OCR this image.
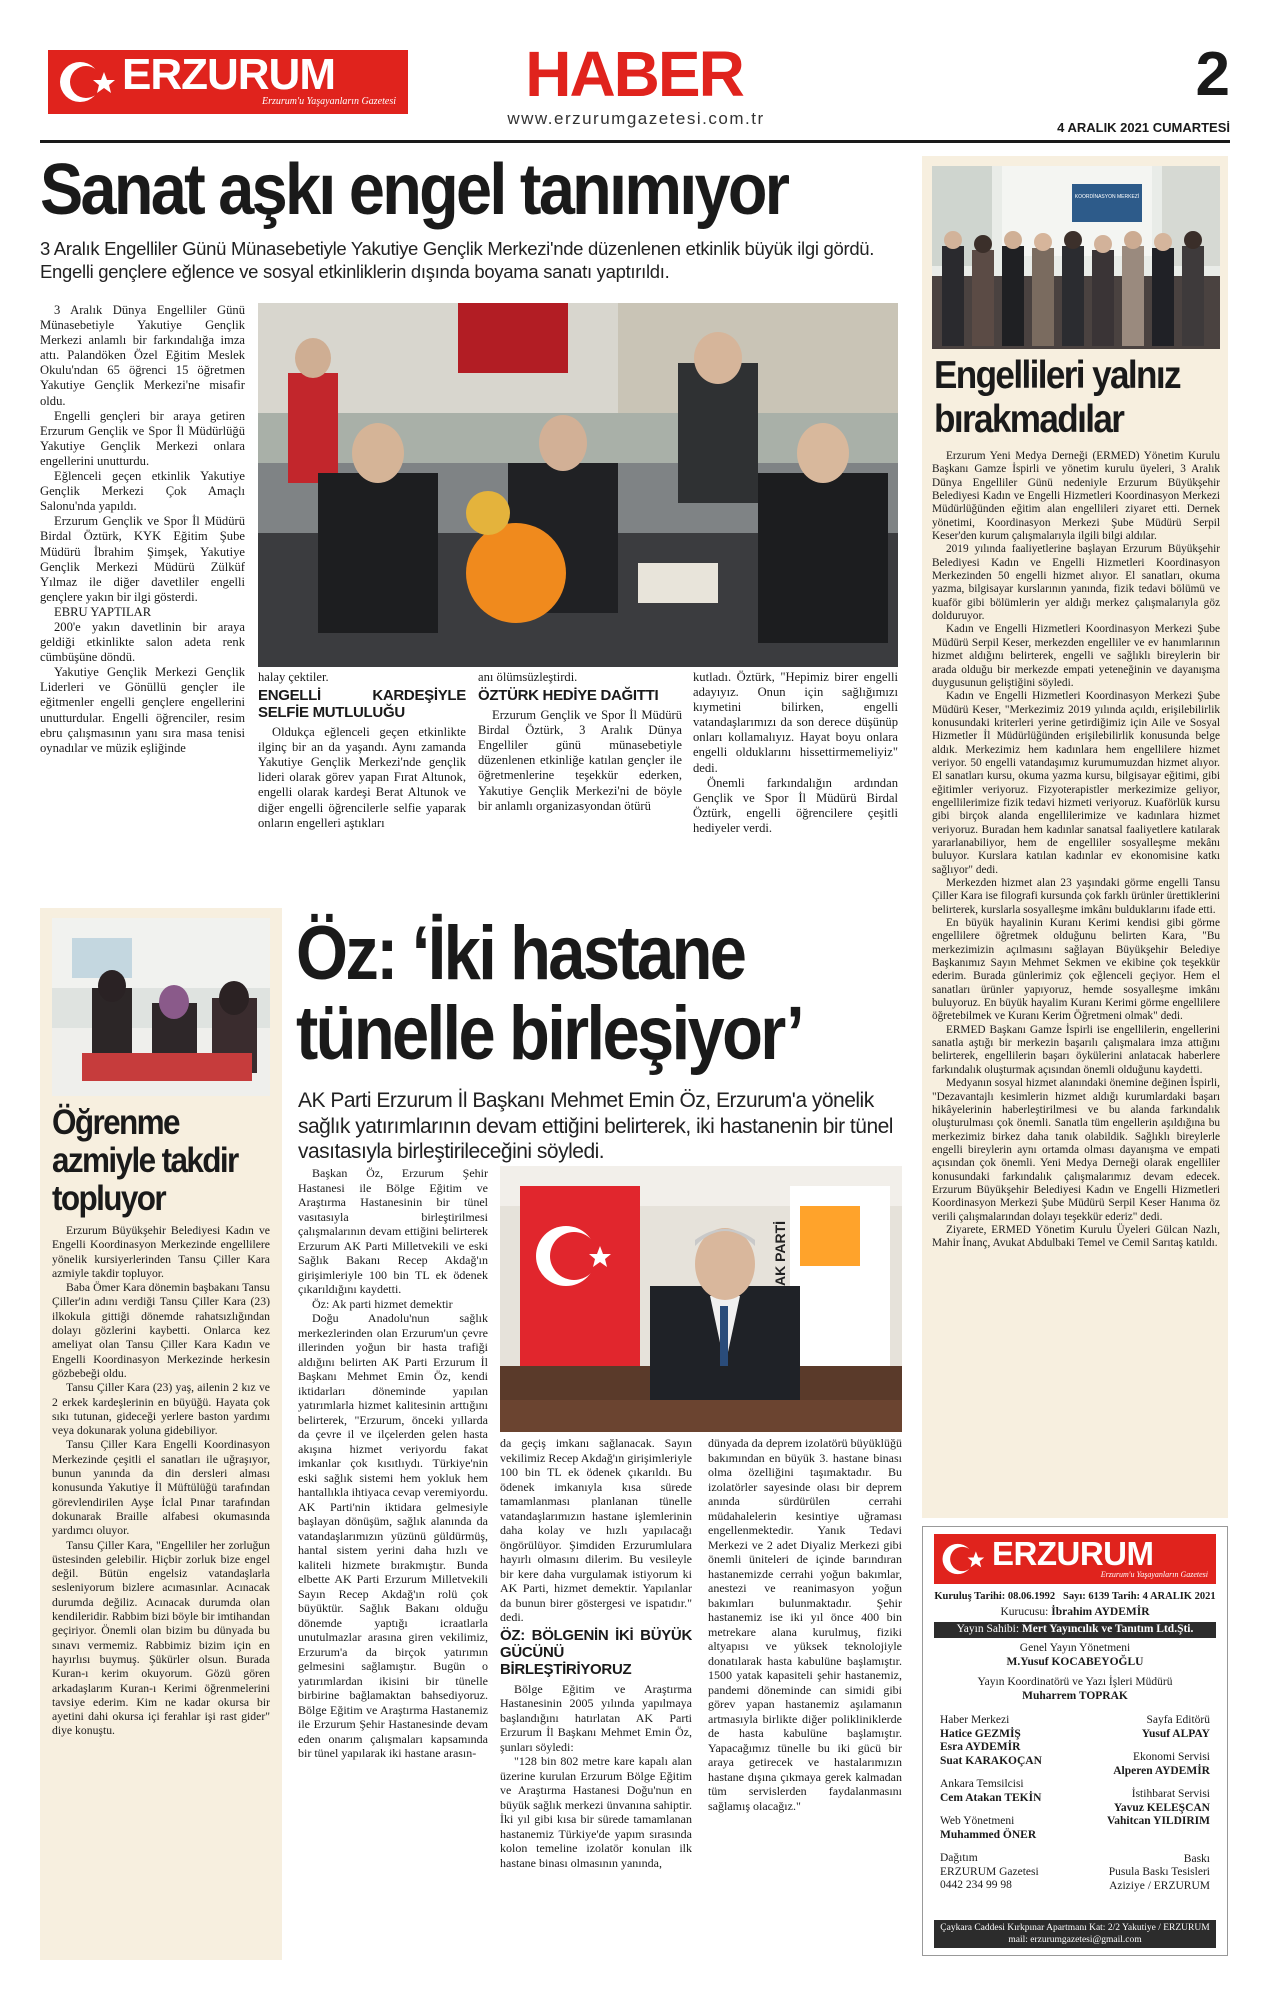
ERZURUM
Erzurum'u Yaşayanların Gazetesi	HABER
www.erzurumgazetesi.com.tr
2
4 ARALIK 2021 CUMARTESİ
Sanat aşkı engel tanımıyor
3 Aralık Engelliler Günü Münasebetiyle Yakutiye Gençlik Merkezi'nde düzenlenen etkinlik büyük ilgi gördü. Engelli gençlere eğlence ve sosyal etkinliklerin dışında boyama sanatı yaptırıldı.

3 Aralık Dünya Engelliler Günü Münasebetiyle Yakutiye Gençlik Merkezi anlamlı bir farkındalığa imza attı. Palandöken Özel Eğitim Meslek Okulu'ndan 65 öğrenci 15 öğretmen Yakutiye Gençlik Merkezi'ne misafir oldu.

Engelli gençleri bir araya getiren Erzurum Gençlik ve Spor İl Müdürlüğü Yakutiye Gençlik Merkezi onlara engellerini unutturdu.

Eğlenceli geçen etkinlik Yakutiye Gençlik Merkezi Çok Amaçlı Salonu'nda yapıldı.

Erzurum Gençlik ve Spor İl Müdürü Birdal Öztürk, KYK Eğitim Şube Müdürü İbrahim Şimşek, Yakutiye Gençlik Merkezi Müdürü Zülküf Yılmaz ile diğer davetliler engelli gençlere yakın bir ilgi gösterdi.

EBRU YAPTILAR

200'e yakın davetlinin bir araya geldiği etkinlikte salon adeta renk cümbüşüne döndü.

Yakutiye Gençlik Merkezi Gençlik Liderleri ve Gönüllü gençler ile eğitmenler engelli gençlere engellerini unutturdular. Engelli öğrenciler, resim ebru çalışmasının yanı sıra masa tenisi oynadılar ve müzik eşliğinde

halay çektiler.

ENGELLİ KARDEŞİYLE SELFİE MUTLULUĞU

Oldukça eğlenceli geçen etkinlikte ilginç bir an da yaşandı. Aynı zamanda Yakutiye Gençlik Merkezi'nde gençlik lideri olarak görev yapan Fırat Altunok, engelli olarak kardeşi Berat Altunok ve diğer engelli öğrencilerle selfie yaparak onların engelleri aştıkları

anı ölümsüzleştirdi.

ÖZTÜRK HEDİYE DAĞITTI

Erzurum Gençlik ve Spor İl Müdürü Birdal Öztürk, 3 Aralık Dünya Engelliler günü münasebetiyle düzenlenen etkinliğe katılan gençler ile öğretmenlerine teşekkür ederken, Yakutiye Gençlik Merkezi'ni de böyle bir anlamlı organizasyondan ötürü

kutladı. Öztürk, "Hepimiz birer engelli adayıyız. Onun için sağlığımızı kıymetini bilirken, engelli vatandaşlarımızı da son derece düşünüp onları kollamalıyız. Hayat boyu onlara engelli olduklarını hissettirmemeliyiz" dedi.

Önemli farkındalığın ardından Gençlik ve Spor İl Müdürü Birdal Öztürk, engelli öğrencilere çeşitli hediyeler verdi.

KOORDİNASYON MERKEZİ
Engellileri yalnız
bırakmadılar

Erzurum Yeni Medya Derneği (ERMED) Yönetim Kurulu Başkanı Gamze İspirli ve yönetim kurulu üyeleri, 3 Aralık Dünya Engelliler Günü nedeniyle Erzurum Büyükşehir Belediyesi Kadın ve Engelli Hizmetleri Koordinasyon Merkezi Müdürlüğünden eğitim alan engellileri ziyaret etti. Dernek yönetimi, Koordinasyon Merkezi Şube Müdürü Serpil Keser'den kurum çalışmalarıyla ilgili bilgi aldılar.

2019 yılında faaliyetlerine başlayan Erzurum Büyükşehir Belediyesi Kadın ve Engelli Hizmetleri Koordinasyon Merkezinden 50 engelli hizmet alıyor. El sanatları, okuma yazma, bilgisayar kurslarının yanında, fizik tedavi bölümü ve kuaför gibi bölümlerin yer aldığı merkez çalışmalarıyla göz dolduruyor.

Kadın ve Engelli Hizmetleri Koordinasyon Merkezi Şube Müdürü Serpil Keser, merkezden engelliler ve ev hanımlarının hizmet aldığını belirterek, engelli ve sağlıklı bireylerin bir arada olduğu bir merkezde empati yeteneğinin ve dayanışma duygusunun geliştiğini söyledi.

Kadın ve Engelli Hizmetleri Koordinasyon Merkezi Şube Müdürü Keser, "Merkezimiz 2019 yılında açıldı, erişilebilirlik konusundaki kriterleri yerine getirdiğimiz için Aile ve Sosyal Hizmetler İl Müdürlüğünden erişilebilirlik konusunda belge aldık. Merkezimiz hem kadınlara hem engellilere hizmet veriyor. 50 engelli vatandaşımız kurumumuzdan hizmet alıyor. El sanatları kursu, okuma yazma kursu, bilgisayar eğitimi, gibi eğitimler veriyoruz. Fizyoterapistler merkezimize geliyor, engellilerimize fizik tedavi hizmeti veriyoruz. Kuaförlük kursu gibi birçok alanda engellilerimize ve kadınlara hizmet veriyoruz. Buradan hem kadınlar sanatsal faaliyetlere katılarak yararlanabiliyor, hem de engelliler sosyalleşme mekânı buluyor. Kurslara katılan kadınlar ev ekonomisine katkı sağlıyor" dedi.

Merkezden hizmet alan 23 yaşındaki görme engelli Tansu Çiller Kara ise filografi kursunda çok farklı ürünler ürettiklerini belirterek, kurslarla sosyalleşme imkânı bulduklarını ifade etti.

En büyük hayalinin Kuranı Kerimi kendisi gibi görme engellilere öğretmek olduğunu belirten Kara, "Bu merkezimizin açılmasını sağlayan Büyükşehir Belediye Başkanımız Sayın Mehmet Sekmen ve ekibine çok teşekkür ederim. Burada günlerimiz çok eğlenceli geçiyor. Hem el sanatları ürünler yapıyoruz, hemde sosyalleşme imkânı buluyoruz. En büyük hayalim Kuranı Kerimi görme engellilere öğretebilmek ve Kuranı Kerim Öğretmeni olmak" dedi.

ERMED Başkanı Gamze İspirli ise engellilerin, engellerini sanatla aştığı bir merkezin başarılı çalışmalara imza attığını belirterek, engellilerin başarı öykülerini anlatacak haberlere farkındalık oluşturmak açısından önemli olduğunu kaydetti.

Medyanın sosyal hizmet alanındaki önemine değinen İspirli, "Dezavantajlı kesimlerin hizmet aldığı kurumlardaki başarı hikâyelerinin haberleştirilmesi ve bu alanda farkındalık oluşturulması çok önemli. Sanatla tüm engellerin aşıldığına bu merkezimiz birkez daha tanık olabildik. Sağlıklı bireylerle engelli bireylerin aynı ortamda olması dayanışma ve empati açısından çok önemli. Yeni Medya Derneği olarak engelliler konusundaki farkındalık çalışmalarımız devam edecek. Erzurum Büyükşehir Belediyesi Kadın ve Engelli Hizmetleri Koordinasyon Merkezi Şube Müdürü Serpil Keser Hanıma öz verili çalışmalarından dolayı teşekkür ederiz" dedi.

Ziyarete, ERMED Yönetim Kurulu Üyeleri Gülcan Nazlı, Mahir İnanç, Avukat Abdulbaki Temel ve Cemil Sarıtaş katıldı.

Öğrenme
azmiyle takdir
topluyor

Erzurum Büyükşehir Belediyesi Kadın ve Engelli Koordinasyon Merkezinde engellilere yönelik kursiyerlerinden Tansu Çiller Kara azmiyle takdir topluyor.

Baba Ömer Kara dönemin başbakanı Tansu Çiller'in adını verdiği Tansu Çiller Kara (23) ilkokula gittiği dönemde rahatsızlığından dolayı gözlerini kaybetti. Onlarca kez ameliyat olan Tansu Çiller Kara Kadın ve Engelli Koordinasyon Merkezinde herkesin gözbebeği oldu.

Tansu Çiller Kara (23) yaş, ailenin 2 kız ve 2 erkek kardeşlerinin en büyüğü. Hayata çok sıkı tutunan, gideceği yerlere baston yardımı veya dokunarak yoluna gidebiliyor.

Tansu Çiller Kara Engelli Koordinasyon Merkezinde çeşitli el sanatları ile uğraşıyor, bunun yanında da din dersleri alması konusunda Yakutiye İl Müftülüğü tarafından görevlendirilen Ayşe İclal Pınar tarafından dokunarak Braille alfabesi okumasında yardımcı oluyor.

Tansu Çiller Kara, "Engelliler her zorluğun üstesinden gelebilir. Hiçbir zorluk bize engel değil. Bütün engelsiz vatandaşlarla sesleniyorum bizlere acımasınlar. Acınacak durumda değiliz. Acınacak durumda olan kendileridir. Rabbim bizi böyle bir imtihandan geçiriyor. Önemli olan bizim bu dünyada bu sınavı vermemiz. Rabbimiz bizim için en hayırlısı buymuş. Şükürler olsun. Burada Kuran-ı kerim okuyorum. Gözü gören arkadaşlarım Kuran-ı Kerimi öğrenmelerini tavsiye ederim. Kim ne kadar okursa bir ayetini dahi okursa içi ferahlar işi rast gider" diye konuştu.

Öz: ‘İki hastane
tünelle birleşiyor’
AK Parti Erzurum İl Başkanı Mehmet Emin Öz, Erzurum'a yönelik sağlık yatırımlarının devam ettiğini belirterek, iki hastanenin bir tünel vasıtasıyla birleştirileceğini söyledi.

Başkan Öz, Erzurum Şehir Hastanesi ile Bölge Eğitim ve Araştırma Hastanesinin bir tünel vasıtasıyla birleştirilmesi çalışmalarının devam ettiğini belirterek Erzurum AK Parti Milletvekili ve eski Sağlık Bakanı Recep Akdağ'ın girişimleriyle 100 bin TL ek ödenek çıkarıldığını kaydetti.

Öz: Ak parti hizmet demektir

Doğu Anadolu'nun sağlık merkezlerinden olan Erzurum'un çevre illerinden yoğun bir hasta trafiği aldığını belirten AK Parti Erzurum İl Başkanı Mehmet Emin Öz, kendi iktidarları döneminde yapılan yatırımlarla hizmet kalitesinin arttığını belirterek, "Erzurum, önceki yıllarda da çevre il ve ilçelerden gelen hasta akışına hizmet veriyordu fakat imkanlar çok kısıtlıydı. Türkiye'nin eski sağlık sistemi hem yokluk hem hantallıkla ihtiyaca cevap veremiyordu. AK Parti'nin iktidara gelmesiyle başlayan dönüşüm, sağlık alanında da vatandaşlarımızın yüzünü güldürmüş, hantal sistem yerini daha hızlı ve kaliteli hizmete bırakmıştır. Bunda elbette AK Parti Erzurum Milletvekili Sayın Recep Akdağ'ın rolü çok büyüktür. Sağlık Bakanı olduğu dönemde yaptığı icraatlarla unutulmazlar arasına giren vekilimiz, Erzurum'a da birçok yatırımın gelmesini sağlamıştır. Bugün o yatırımlardan ikisini bir tünelle birbirine bağlamaktan bahsediyoruz. Bölge Eğitim ve Araştırma Hastanemiz ile Erzurum Şehir Hastanesinde devam eden onarım çalışmaları kapsamında bir tünel yapılarak iki hastane arasın-

AK PARTİ

da geçiş imkanı sağlanacak. Sayın vekilimiz Recep Akdağ'ın girişimleriyle 100 bin TL ek ödenek çıkarıldı. Bu ödenek imkanıyla kısa sürede tamamlanması planlanan tünelle vatandaşlarımızın hastane işlemlerinin daha kolay ve hızlı yapılacağı öngörülüyor. Şimdiden Erzurumlulara hayırlı olmasını dilerim. Bu vesileyle bir kere daha vurgulamak istiyorum ki AK Parti, hizmet demektir. Yapılanlar da bunun birer göstergesi ve ispatıdır." dedi.

ÖZ: BÖLGENİN İKİ BÜYÜK GÜCÜNÜ BİRLEŞTİRİYORUZ

Bölge Eğitim ve Araştırma Hastanesinin 2005 yılında yapılmaya başlandığını hatırlatan AK Parti Erzurum İl Başkanı Mehmet Emin Öz, şunları söyledi:

"128 bin 802 metre kare kapalı alan üzerine kurulan Erzurum Bölge Eğitim ve Araştırma Hastanesi Doğu'nun en büyük sağlık merkezi ünvanına sahiptir. İki yıl gibi kısa bir sürede tamamlanan hastanemiz Türkiye'de yapım sırasında kolon temeline izolatör konulan ilk hastane binası olmasının yanında,

dünyada da deprem izolatörü büyüklüğü bakımından en büyük 3. hastane binası olma özelliğini taşımaktadır. Bu izolatörler sayesinde olası bir deprem anında sürdürülen cerrahi müdahalelerin kesintiye uğraması engellenmektedir. Yanık Tedavi Merkezi ve 2 adet Diyaliz Merkezi gibi önemli üniteleri de içinde barındıran hastanemizde cerrahi yoğun bakımlar, anestezi ve reanimasyon yoğun bakımları bulunmaktadır. Şehir hastanemiz ise iki yıl önce 400 bin metrekare alana kurulmuş, fiziki altyapısı ve yüksek teknolojiyle donatılarak hasta kabulüne başlamıştır. 1500 yatak kapasiteli şehir hastanemiz, pandemi döneminde can simidi gibi görev yapan hastanemiz aşılamanın artmasıyla birlikte diğer polikliniklerde de hasta kabulüne başlamıştır. Yapacağımız tünelle bu iki gücü bir araya getirecek ve hastalarımızın hastane dışına çıkmaya gerek kalmadan tüm servislerden faydalanmasını sağlamış olacağız."

ERZURUM
Erzurum'u Yaşayanların Gazetesi
Kuruluş Tarihi: 08.06.1992   Sayı: 6139 Tarih: 4 ARALIK 2021
Kurucusu: İbrahim AYDEMİR
Yayın Sahibi: Mert Yayıncılık ve Tanıtım Ltd.Şti.
Genel Yayın Yönetmeni
M.Yusuf KOCABEYOĞLU
Yayın Koordinatörü ve Yazı İşleri Müdürü
Muharrem TOPRAK
Haber Merkezi
Hatice GEZMİŞ
Esra AYDEMİR
Suat KARAKOÇAN
Ankara Temsilcisi
Cem Atakan TEKİN
Web Yönetmeni
Muhammed ÖNER
Dağıtım
ERZURUM Gazetesi
0442 234 99 98
Sayfa Editörü
Yusuf ALPAY
Ekonomi Servisi
Alperen AYDEMİR
İstihbarat Servisi
Yavuz KELEŞCAN
Vahitcan YILDIRIM
Baskı
Pusula Baskı Tesisleri
Aziziye / ERZURUM
Çaykara Caddesi Kırkpınar Apartmanı Kat: 2/2 Yakutiye / ERZURUM
mail: erzurumgazetesi@gmail.com
